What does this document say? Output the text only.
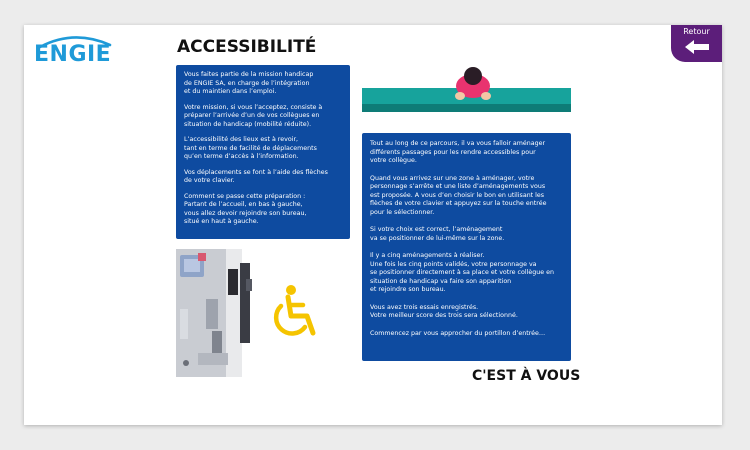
ENGIE	ACCESSIBILITÉ
Retour

Vous faites partie de la mission handicap
de ENGIE SA, en charge de l’intégration
et du maintien dans l’emploi.

Votre mission, si vous l’acceptez, consiste à
préparer l’arrivée d’un de vos collègues en
situation de handicap (mobilité réduite).

L’accessibilité des lieux est à revoir,
tant en terme de facilité de déplacements
qu’en terme d’accès à l’information.

Vos déplacements se font à l’aide des flèches
de votre clavier.

Comment se passe cette préparation :
Partant de l’accueil, en bas à gauche,
vous allez devoir rejoindre son bureau,
situé en haut à gauche.

Tout au long de ce parcours, il va vous falloir aménager
différents passages pour les rendre accessibles pour
votre collègue.

Quand vous arrivez sur une zone à aménager, votre
personnage s’arrête et une liste d’aménagements vous
est proposée. A vous d’en choisir le bon en utilisant les
flèches de votre clavier et appuyez sur la touche entrée
pour le sélectionner.

Si votre choix est correct, l’aménagement
va se positionner de lui-même sur la zone.

Il y a cinq aménagements à réaliser.
Une fois les cinq points validés, votre personnage va
se positionner directement à sa place et votre collègue en
situation de handicap va faire son apparition
et rejoindre son bureau.

Vous avez trois essais enregistrés.
Votre meilleur score des trois sera sélectionné.

Commencez par vous approcher du portillon d’entrée…

C'EST À VOUS
